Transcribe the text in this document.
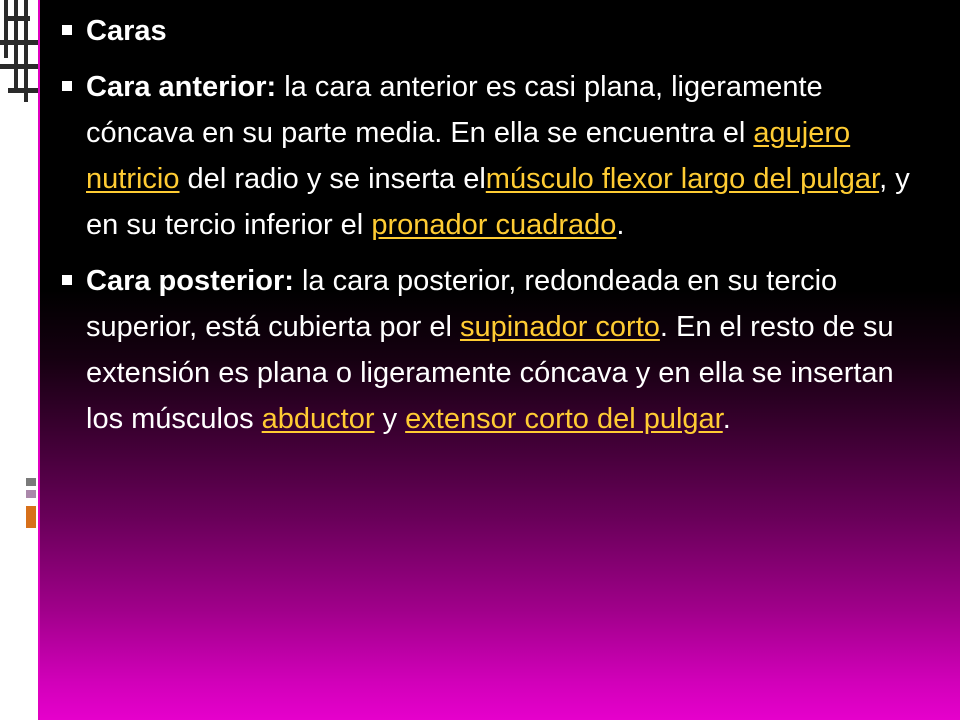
Caras
Cara anterior: la cara anterior es casi plana, ligeramente cóncava en su parte media. En ella se encuentra el agujero nutricio del radio y se inserta elmúsculo flexor largo del pulgar, y en su tercio inferior el pronador cuadrado.
Cara posterior: la cara posterior, redondeada en su tercio superior, está cubierta por el supinador corto. En el resto de su extensión es plana o ligeramente cóncava y en ella se insertan los músculos abductor y extensor corto del pulgar.
